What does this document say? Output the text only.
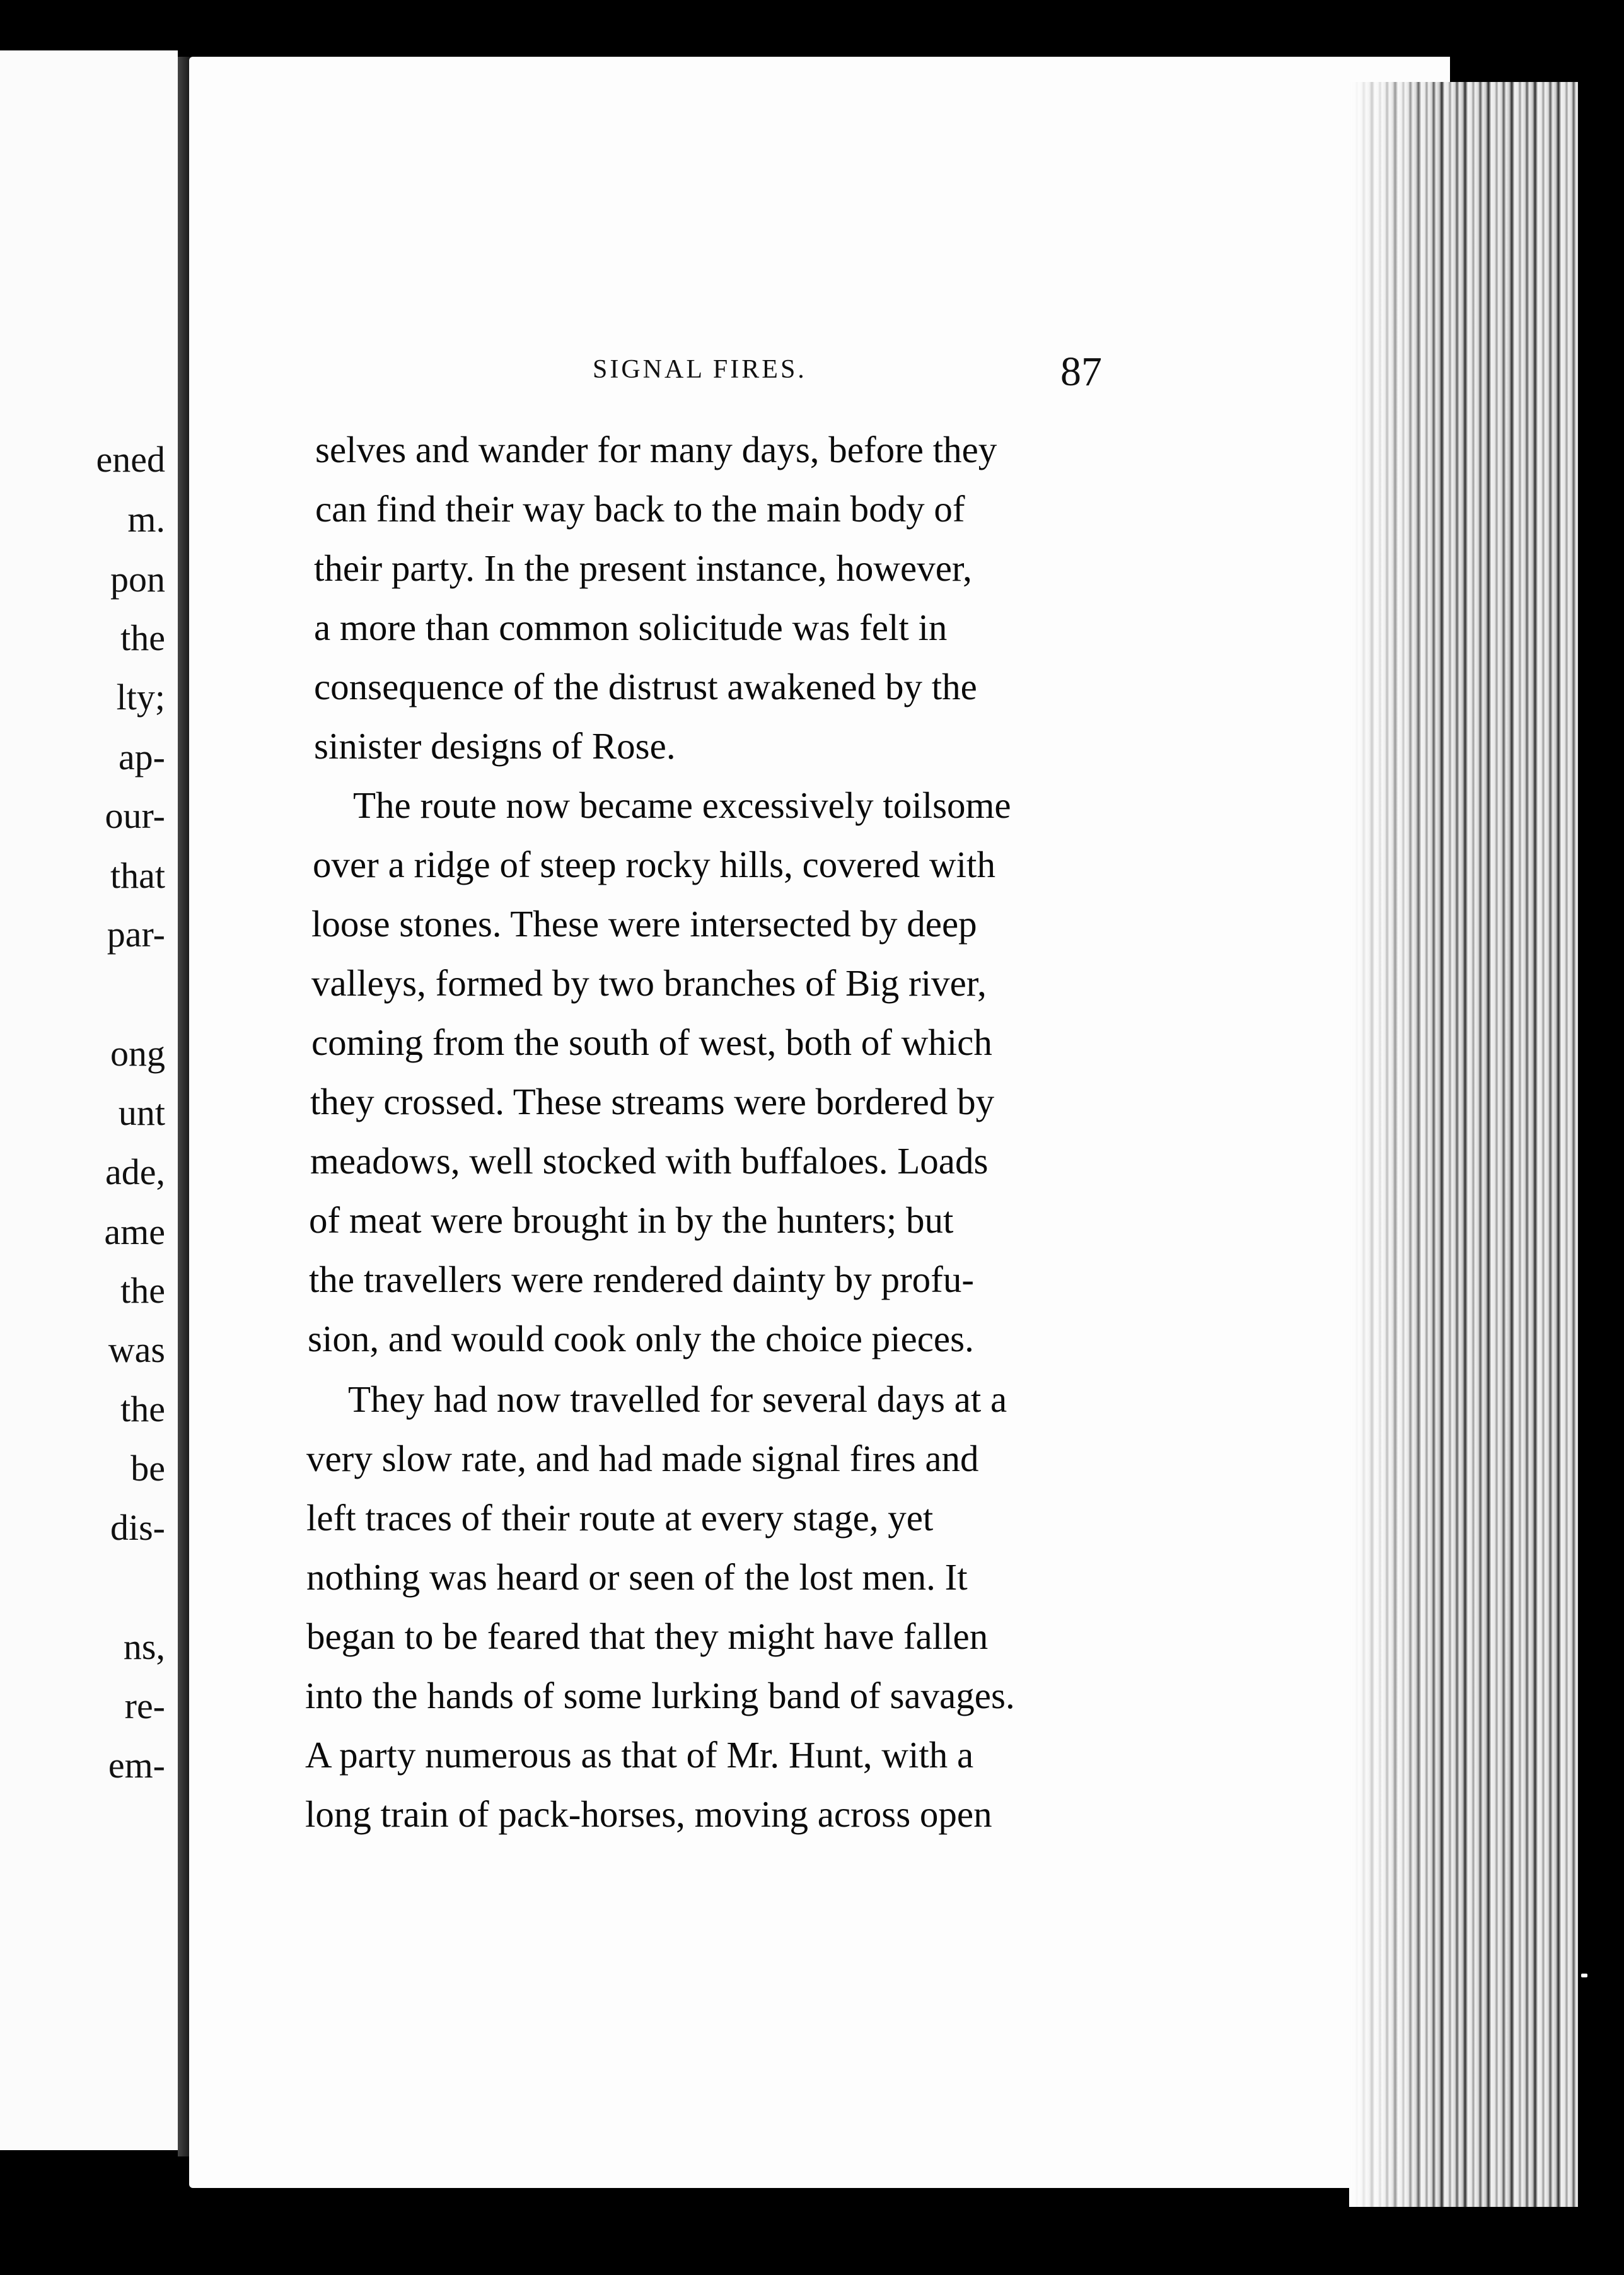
ened
m.
pon
the
lty;
ap-
our-
that
par-
ong
unt
ade,
ame
the
was
the
be
dis-
ns,
re-
em-
SIGNAL FIRES.	87
selves and wander for many days, before they
can find their way back to the main body of
their party. In the present instance, however,
a more than common solicitude was felt in
consequence of the distrust awakened by the
sinister designs of Rose.
The route now became excessively toilsome
over a ridge of steep rocky hills, covered with
loose stones. These were intersected by deep
valleys, formed by two branches of Big river,
coming from the south of west, both of which
they crossed. These streams were bordered by
meadows, well stocked with buffaloes. Loads
of meat were brought in by the hunters; but
the travellers were rendered dainty by profu-
sion, and would cook only the choice pieces.
They had now travelled for several days at a
very slow rate, and had made signal fires and
left traces of their route at every stage, yet
nothing was heard or seen of the lost men. It
began to be feared that they might have fallen
into the hands of some lurking band of savages.
A party numerous as that of Mr. Hunt, with a
long train of pack-horses, moving across open
